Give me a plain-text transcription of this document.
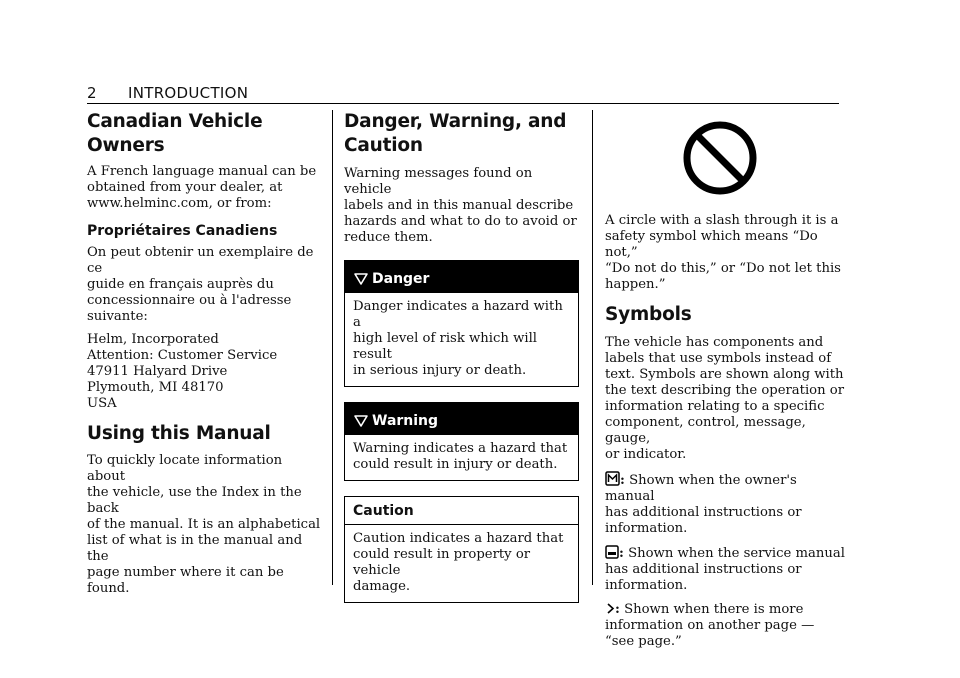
2 INTRODUCTION
Canadian Vehicle Owners

A French language manual can be

obtained from your dealer, at

www.helminc.com, or from:

Propriétaires Canadiens

On peut obtenir un exemplaire de ce

guide en français auprès du

concessionnaire ou à l'adresse

suivante:

Helm, Incorporated

Attention: Customer Service

47911 Halyard Drive

Plymouth, MI 48170

USA

Using this Manual

To quickly locate information about

the vehicle, use the Index in the back

of the manual. It is an alphabetical

list of what is in the manual and the

page number where it can be found.

Danger, Warning, and
Caution

Warning messages found on vehicle

labels and in this manual describe

hazards and what to do to avoid or

reduce them.

Danger
Danger indicates a hazard with a
high level of risk which will result
in serious injury or death.
Warning
Warning indicates a hazard that
could result in injury or death.
Caution
Caution indicates a hazard that
could result in property or vehicle
damage.

A circle with a slash through it is a

safety symbol which means “Do not,”

“Do not do this,” or “Do not let this

happen.”

Symbols

The vehicle has components and

labels that use symbols instead of

text. Symbols are shown along with

the text describing the operation or

information relating to a specific

component, control, message, gauge,

or indicator.

: Shown when the owner's manual

has additional instructions or

information.

: Shown when the service manual

has additional instructions or

information.

: Shown when there is more

information on another page —

“see page.”
